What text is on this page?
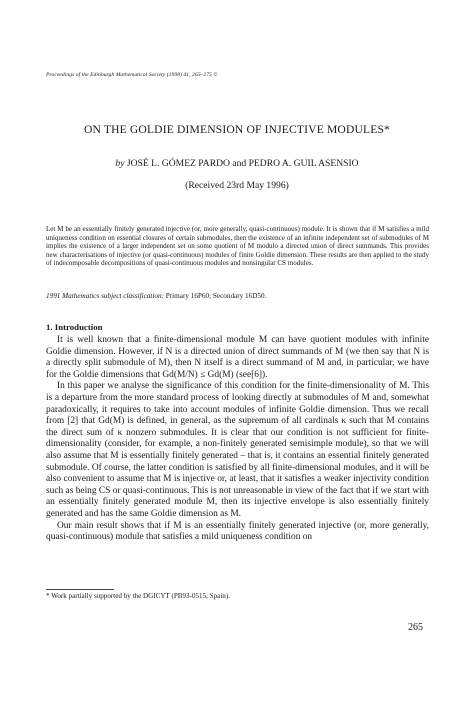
Proceedings of the Edinburgh Mathematical Society (1998) 41, 265–275 ©
ON THE GOLDIE DIMENSION OF INJECTIVE MODULES*
by JOSÉ L. GÓMEZ PARDO and PEDRO A. GUIL ASENSIO
(Received 23rd May 1996)
Let M be an essentially finitely generated injective (or, more generally, quasi-continuous) module. It is shown that if M satisfies a mild uniqueness condition on essential closures of certain submodules, then the existence of an infinite independent set of submodules of M implies the existence of a larger independent set on some quotient of M modulo a directed union of direct summands. This provides new characterisations of injective (or quasi-continuous) modules of finite Goldie dimension. These results are then applied to the study of indecomposable decompositions of quasi-continuous modules and nonsingular CS modules.
1991 Mathematics subject classification: Primary 16P60; Secondary 16D50.
1. Introduction

It is well known that a finite-dimensional module M can have quotient modules with infinite Goldie dimension. However, if N is a directed union of direct summands of M (we then say that N is a directly split submodule of M), then N itself is a direct summand of M and, in particular, we have for the Goldie dimensions that Gd(M/N) ≤ Gd(M) (see[6]).

In this paper we analyse the significance of this condition for the finite-dimensionality of M. This is a departure from the more standard process of looking directly at submodules of M and, somewhat paradoxically, it requires to take into account modules of infinite Goldie dimension. Thus we recall from [2] that Gd(M) is defined, in general, as the supremum of all cardinals κ such that M contains the direct sum of κ nonzero submodules. It is clear that our condition is not sufficient for finite-dimensionality (consider, for example, a non-finitely generated semisimple module), so that we will also assume that M is essentially finitely generated – that is, it contains an essential finitely generated submodule. Of course, the latter condition is satisfied by all finite-dimensional modules, and it will be also convenient to assume that M is injective or, at least, that it satisfies a weaker injectivity condition such as being CS or quasi-continuous. This is not unreasonable in view of the fact that if we start with an essentially finitely generated module M, then its injective envelope is also essentially finitely generated and has the same Goldie dimension as M.

Our main result shows that if M is an essentially finitely generated injective (or, more generally, quasi-continuous) module that satisfies a mild uniqueness condition on

* Work partially supported by the DGICYT (PB93-0515, Spain).
265
